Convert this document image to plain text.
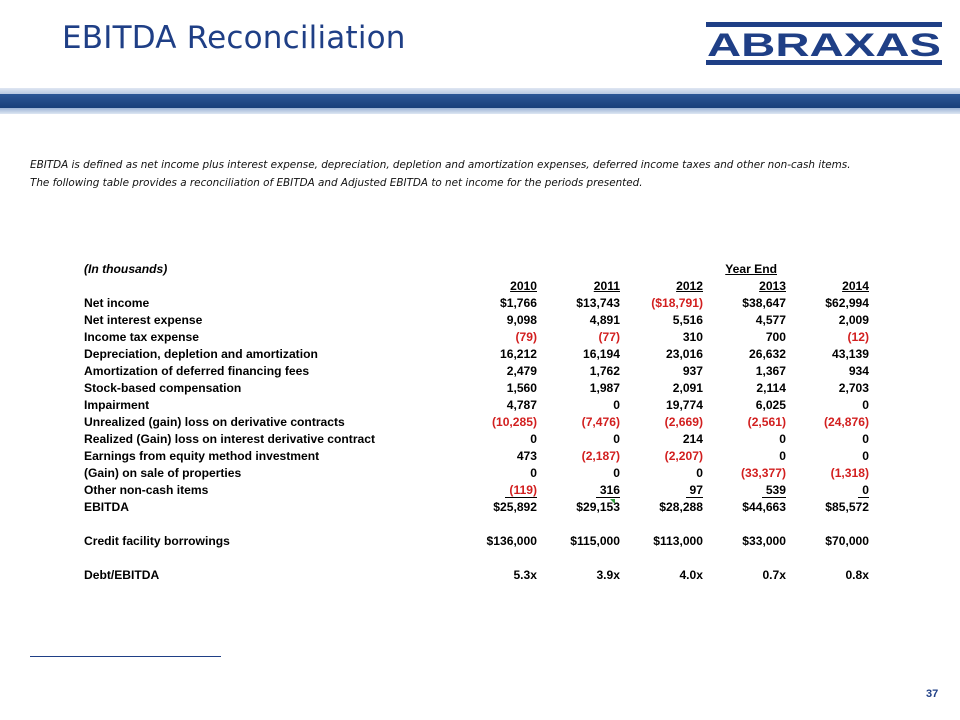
EBITDA Reconciliation	ABRAXAS

EBITDA is defined as net income plus interest expense, depreciation, depletion and amortization expenses, deferred income taxes and other non-cash items.
The following table provides a reconciliation of EBITDA and Adjusted EBITDA to net income for the periods presented.

(In thousands)			Year End		
	2010	2011	2012	2013	2014
Net income	$1,766	$13,743	($18,791)	$38,647	$62,994
Net interest expense	9,098	4,891	5,516	4,577	2,009
Income tax expense	(79)	(77)	310	700	(12)
Depreciation, depletion and amortization	16,212	16,194	23,016	26,632	43,139
Amortization of deferred financing fees	2,479	1,762	937	1,367	934
Stock-based compensation	1,560	1,987	2,091	2,114	2,703
Impairment	4,787	0	19,774	6,025	0
Unrealized (gain) loss on derivative contracts	(10,285)	(7,476)	(2,669)	(2,561)	(24,876)
Realized (Gain) loss on interest derivative contract	0	0	214	0	0
Earnings from equity method investment	473	(2,187)	(2,207)	0	0
(Gain) on sale of properties	0	0	0	(33,377)	(1,318)
Other non-cash items	(119)	316	97	539	0
EBITDA	$25,892	$29,153	$28,288	$44,663	$85,572

Credit facility borrowings	$136,000	$115,000	$113,000	$33,000	$70,000

Debt/EBITDA	5.3x	3.9x	4.0x	0.7x	0.8x
37
